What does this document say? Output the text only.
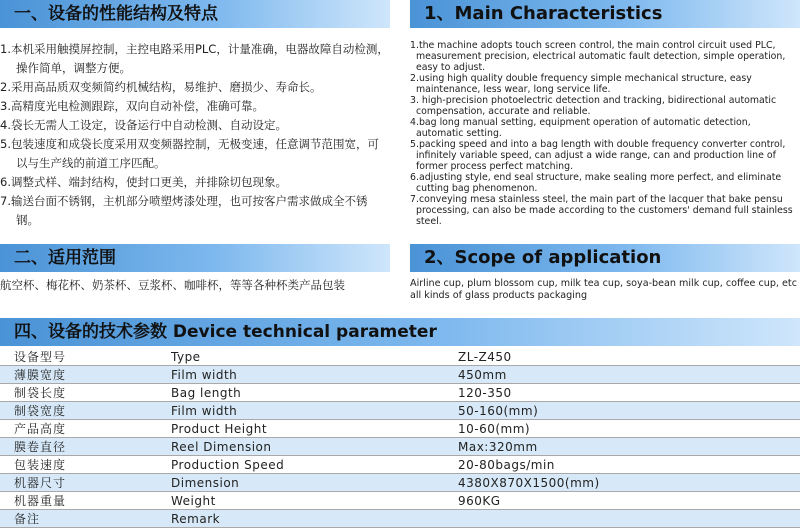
一、设备的性能结构及特点	1、Main Characteristics
1.本机采用触摸屏控制，主控电路采用PLC，计量准确，电器故障自动检测，操作简单，调整方便。
2.采用高品质双变频简约机械结构，易维护、磨损少、寿命长。
3.高精度光电检测跟踪，双向自动补偿，准确可靠。
4.袋长无需人工设定，设备运行中自动检测、自动设定。
5.包装速度和成袋长度采用双变频器控制，无极变速，任意调节范围宽，可以与生产线的前道工序匹配。
6.调整式样、端封结构，使封口更美，并排除切包现象。
7.输送台面不锈钢，主机部分喷塑烤漆处理，也可按客户需求做成全不锈钢。
1.the machine adopts touch screen control, the main control circuit used PLC, measurement precision, electrical automatic fault detection, simple operation, easy to adjust.
2.using high quality double frequency simple mechanical structure, easy maintenance, less wear, long service life.
3. high-precision photoelectric detection and tracking, bidirectional automatic compensation, accurate and reliable.
4.bag long manual setting, equipment operation of automatic detection, automatic setting.
5.packing speed and into a bag length with double frequency converter control, infinitely variable speed, can adjust a wide range, can and production line of former process perfect matching.
6.adjusting style, end seal structure, make sealing more perfect, and eliminate cutting bag phenomenon.
7.conveying mesa stainless steel, the main part of the lacquer that bake pensu processing, can also be made according to the customers' demand full stainless steel.
二、适用范围	2、Scope of application
航空杯、梅花杯、奶茶杯、豆浆杯、咖啡杯，等等各种杯类产品包装	Airline cup, plum blossom cup, milk tea cup, soya-bean milk cup, coffee cup, etc all kinds of glass products packaging
四、设备的技术参数 Device technical parameter
设备型号	Type	ZL-Z450
薄膜宽度	Film width	450mm
制袋长度	Bag length	120-350
制袋宽度	Film width	50-160(mm)
产品高度	Product Height	10-60(mm)
膜卷直径	Reel Dimension	Max:320mm
包装速度	Production Speed	20-80bags/min
机器尺寸	Dimension	4380X870X1500(mm)
机器重量	Weight	960KG
备注	Remark	
